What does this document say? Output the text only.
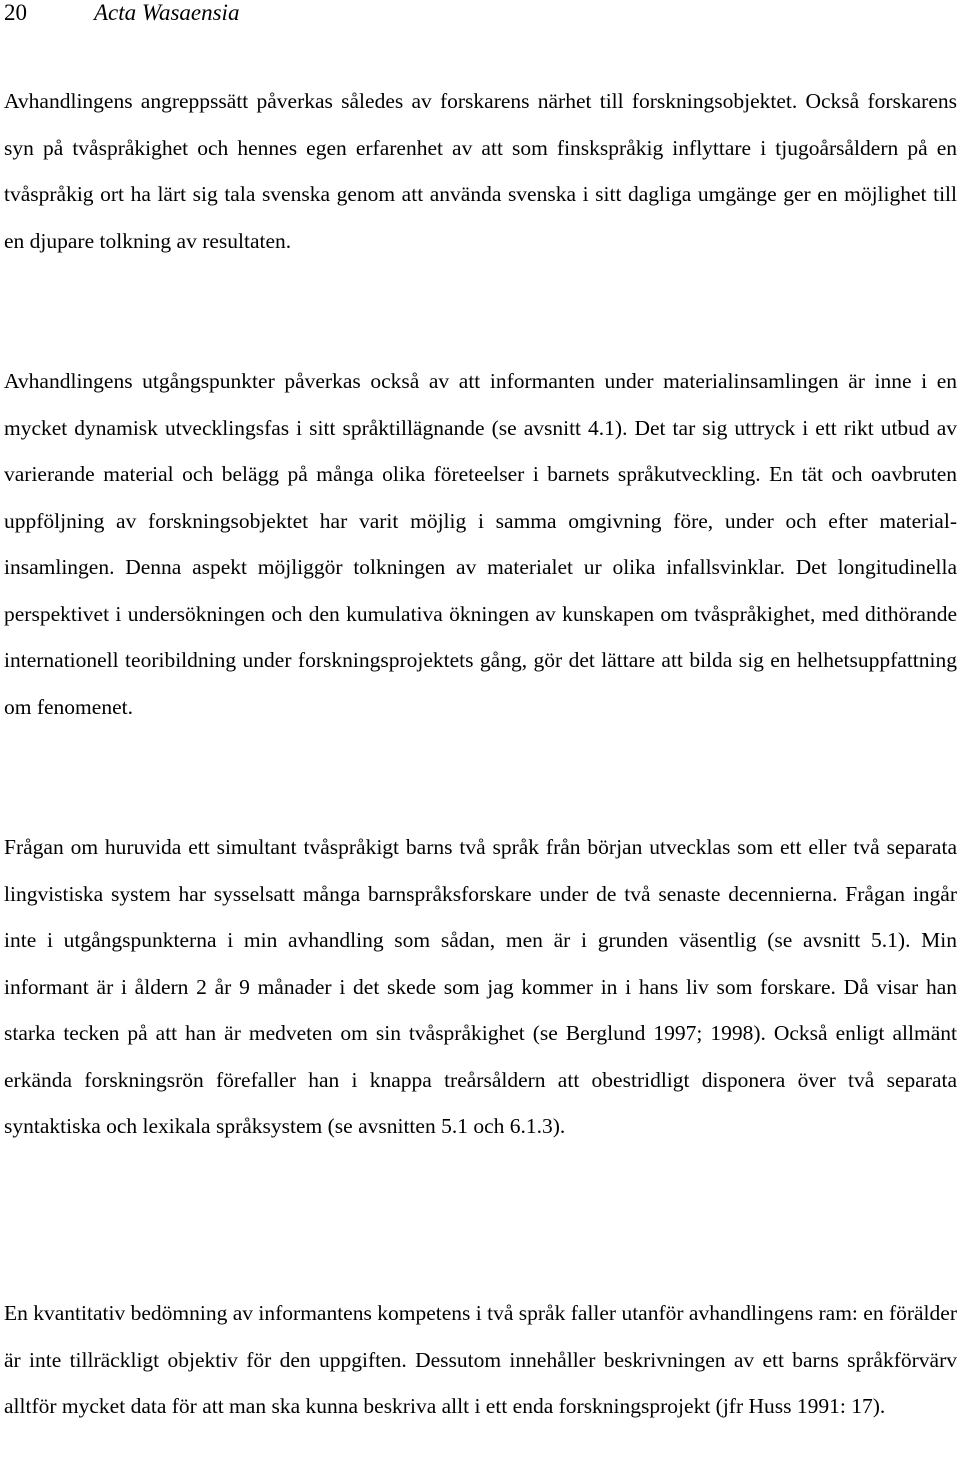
20	Acta Wasaensia

Avhandlingens angreppssätt påverkas således av forskarens närhet till forskningsobjektet. Också forskarens syn på tvåspråkighet och hennes egen erfarenhet av att som finskspråkig inflyttare i tjugoårsåldern på en tvåspråkig ort ha lärt sig tala svenska genom att använda svenska i sitt dagliga umgänge ger en möjlighet till en djupare tolkning av resultaten.

Avhandlingens utgångspunkter påverkas också av att informanten under materialinsamlingen är inne i en mycket dynamisk utvecklingsfas i sitt språktillägnande (se avsnitt 4.1). Det tar sig uttryck i ett rikt utbud av varierande material och belägg på många olika företeelser i barnets språkutveckling. En tät och oavbruten uppföljning av forskningsobjektet har varit möjlig i samma omgivning före, under och efter materialinsamlingen. Denna aspekt möjliggör tolkningen av materialet ur olika infallsvinklar. Det longitudinella perspektivet i undersökningen och den kumulativa ökningen av kunskapen om tvåspråkighet, med dithörande internationell teoribildning under forskningsprojektets gång, gör det lättare att bilda sig en helhetsuppfattning om fenomenet.

Frågan om huruvida ett simultant tvåspråkigt barns två språk från början utvecklas som ett eller två separata lingvistiska system har sysselsatt många barnspråksforskare under de två senaste decennierna. Frågan ingår inte i utgångspunkterna i min avhandling som sådan, men är i grunden väsentlig (se avsnitt 5.1). Min informant är i åldern 2 år 9 månader i det skede som jag kommer in i hans liv som forskare. Då visar han starka tecken på att han är medveten om sin tvåspråkighet (se Berglund 1997; 1998). Också enligt allmänt erkända forskningsrön förefaller han i knappa treårsåldern att obestridligt disponera över två separata syntaktiska och lexikala språksystem (se avsnitten 5.1 och 6.1.3).

En kvantitativ bedömning av informantens kompetens i två språk faller utanför avhandlingens ram: en förälder är inte tillräckligt objektiv för den uppgiften. Dessutom innehåller beskrivningen av ett barns språkförvärv alltför mycket data för att man ska kunna beskriva allt i ett enda forskningsprojekt (jfr Huss 1991: 17).
